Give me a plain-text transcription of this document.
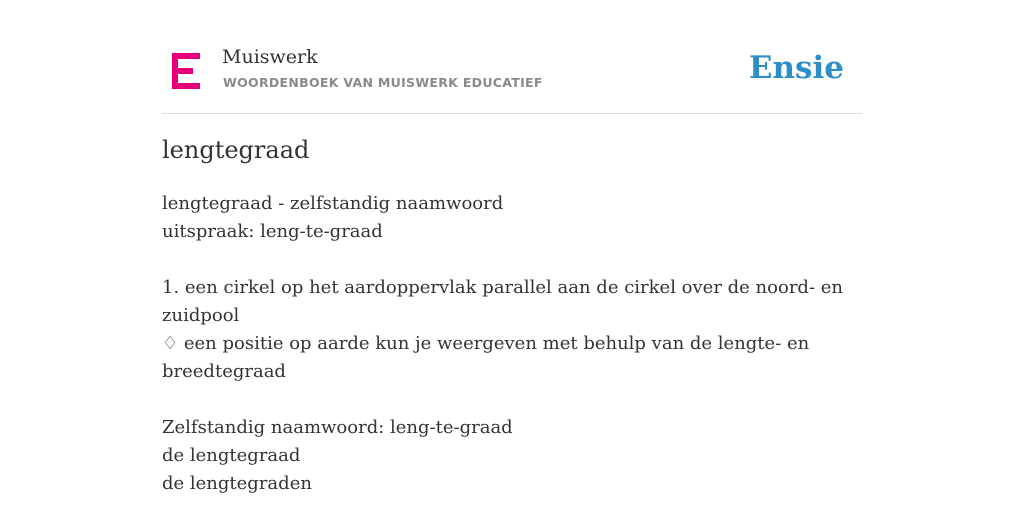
Muiswerk
WOORDENBOEK VAN MUISWERK EDUCATIEF	Ensie
lengtegraad
lengtegraad - zelfstandig naamwoord
uitspraak: leng-te-graad
1. een cirkel op het aardoppervlak parallel aan de cirkel over de noord- en
zuidpool
♢ een positie op aarde kun je weergeven met behulp van de lengte- en
breedtegraad
Zelfstandig naamwoord: leng-te-graad
de lengtegraad
de lengtegraden
